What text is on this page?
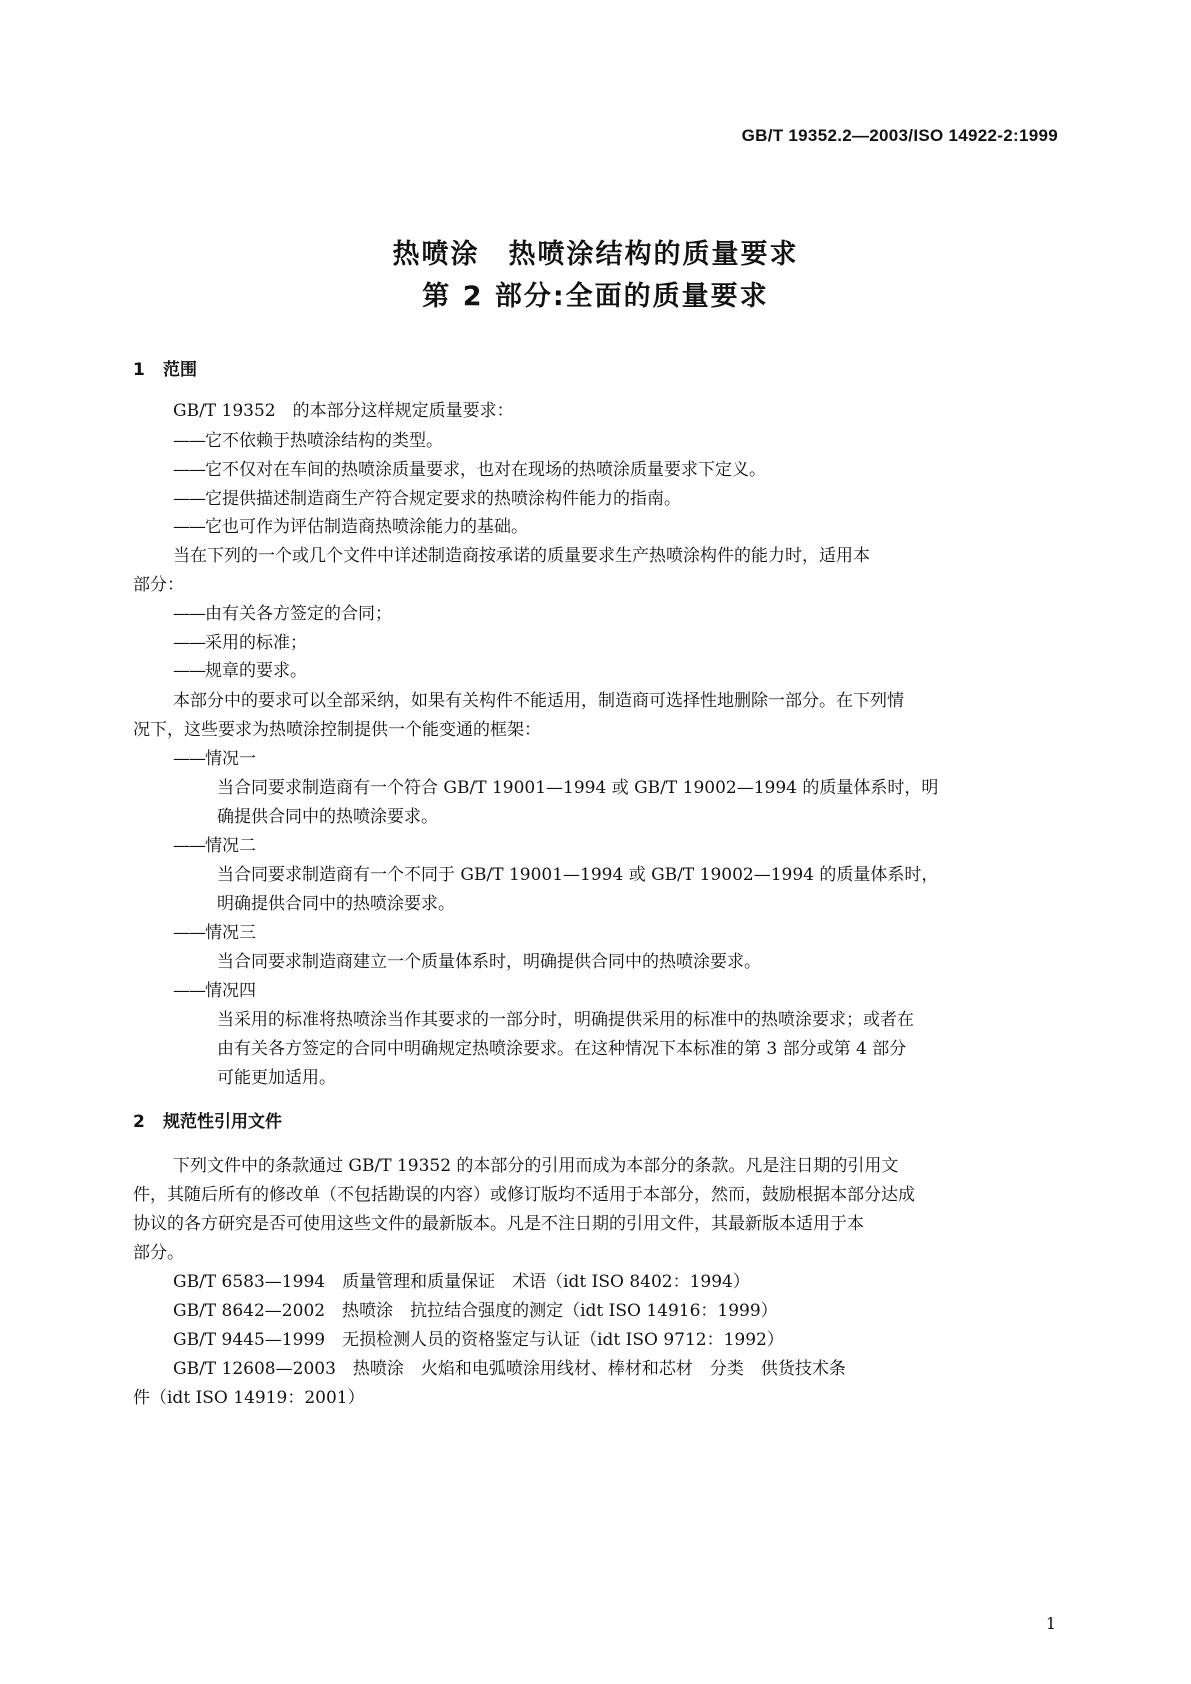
GB/T 19352.2—2003/ISO 14922-2:1999
热喷涂　热喷涂结构的质量要求
第 2 部分:全面的质量要求
1 范围
GB/T 19352　的本部分这样规定质量要求：
——它不依赖于热喷涂结构的类型。
——它不仅对在车间的热喷涂质量要求，也对在现场的热喷涂质量要求下定义。
——它提供描述制造商生产符合规定要求的热喷涂构件能力的指南。
——它也可作为评估制造商热喷涂能力的基础。
当在下列的一个或几个文件中详述制造商按承诺的质量要求生产热喷涂构件的能力时，适用本
部分：
——由有关各方签定的合同；
——采用的标准；
——规章的要求。
本部分中的要求可以全部采纳，如果有关构件不能适用，制造商可选择性地删除一部分。在下列情
况下，这些要求为热喷涂控制提供一个能变通的框架：
——情况一
当合同要求制造商有一个符合 GB/T 19001—1994 或 GB/T 19002—1994 的质量体系时，明
确提供合同中的热喷涂要求。
——情况二
当合同要求制造商有一个不同于 GB/T 19001—1994 或 GB/T 19002—1994 的质量体系时，
明确提供合同中的热喷涂要求。
——情况三
当合同要求制造商建立一个质量体系时，明确提供合同中的热喷涂要求。
——情况四
当采用的标准将热喷涂当作其要求的一部分时，明确提供采用的标准中的热喷涂要求；或者在
由有关各方签定的合同中明确规定热喷涂要求。在这种情况下本标准的第 3 部分或第 4 部分
可能更加适用。
2 规范性引用文件
下列文件中的条款通过 GB/T 19352 的本部分的引用而成为本部分的条款。凡是注日期的引用文
件，其随后所有的修改单（不包括勘误的内容）或修订版均不适用于本部分，然而，鼓励根据本部分达成
协议的各方研究是否可使用这些文件的最新版本。凡是不注日期的引用文件，其最新版本适用于本
部分。
GB/T 6583—1994　质量管理和质量保证　术语（idt ISO 8402：1994）
GB/T 8642—2002　热喷涂　抗拉结合强度的测定（idt ISO 14916：1999）
GB/T 9445—1999　无损检测人员的资格鉴定与认证（idt ISO 9712：1992）
GB/T 12608—2003　热喷涂　火焰和电弧喷涂用线材、棒材和芯材　分类　供货技术条
件（idt ISO 14919：2001）
1
